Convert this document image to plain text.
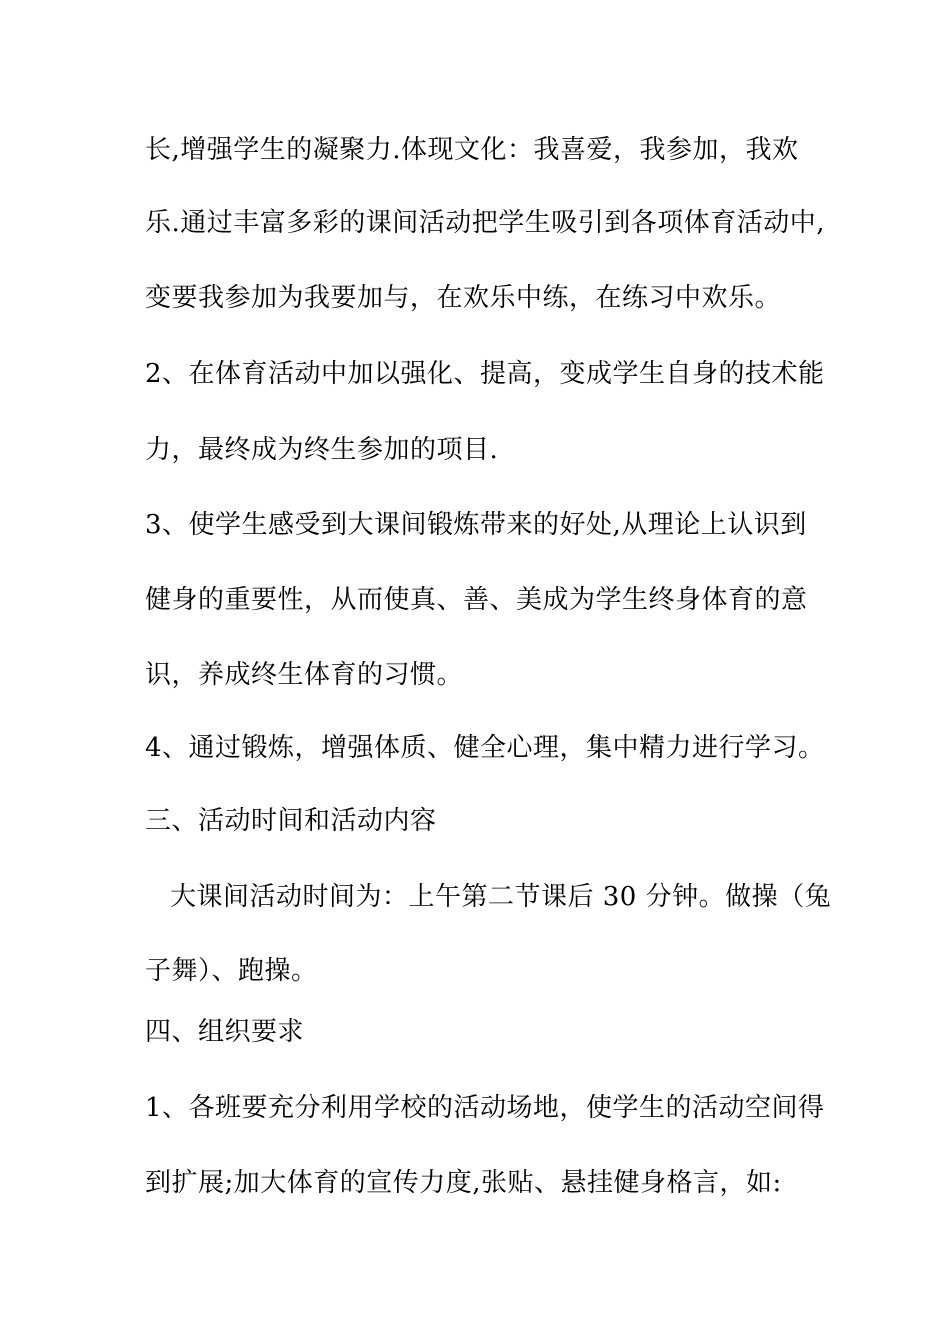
长,增强学生的凝聚力.体现文化：我喜爱，我参加，我欢
乐.通过丰富多彩的课间活动把学生吸引到各项体育活动中,
变要我参加为我要加与，在欢乐中练，在练习中欢乐。
2、在体育活动中加以强化、提高，变成学生自身的技术能
力，最终成为终生参加的项目.
3、使学生感受到大课间锻炼带来的好处,从理论上认识到
健身的重要性，从而使真、善、美成为学生终身体育的意
识，养成终生体育的习惯。
4、通过锻炼，增强体质、健全心理，集中精力进行学习。
三、活动时间和活动内容
大课间活动时间为：上午第二节课后 30 分钟。做操（兔
子舞）、跑操。
四、组织要求
1、各班要充分利用学校的活动场地，使学生的活动空间得
到扩展;加大体育的宣传力度,张贴、悬挂健身格言，如:
